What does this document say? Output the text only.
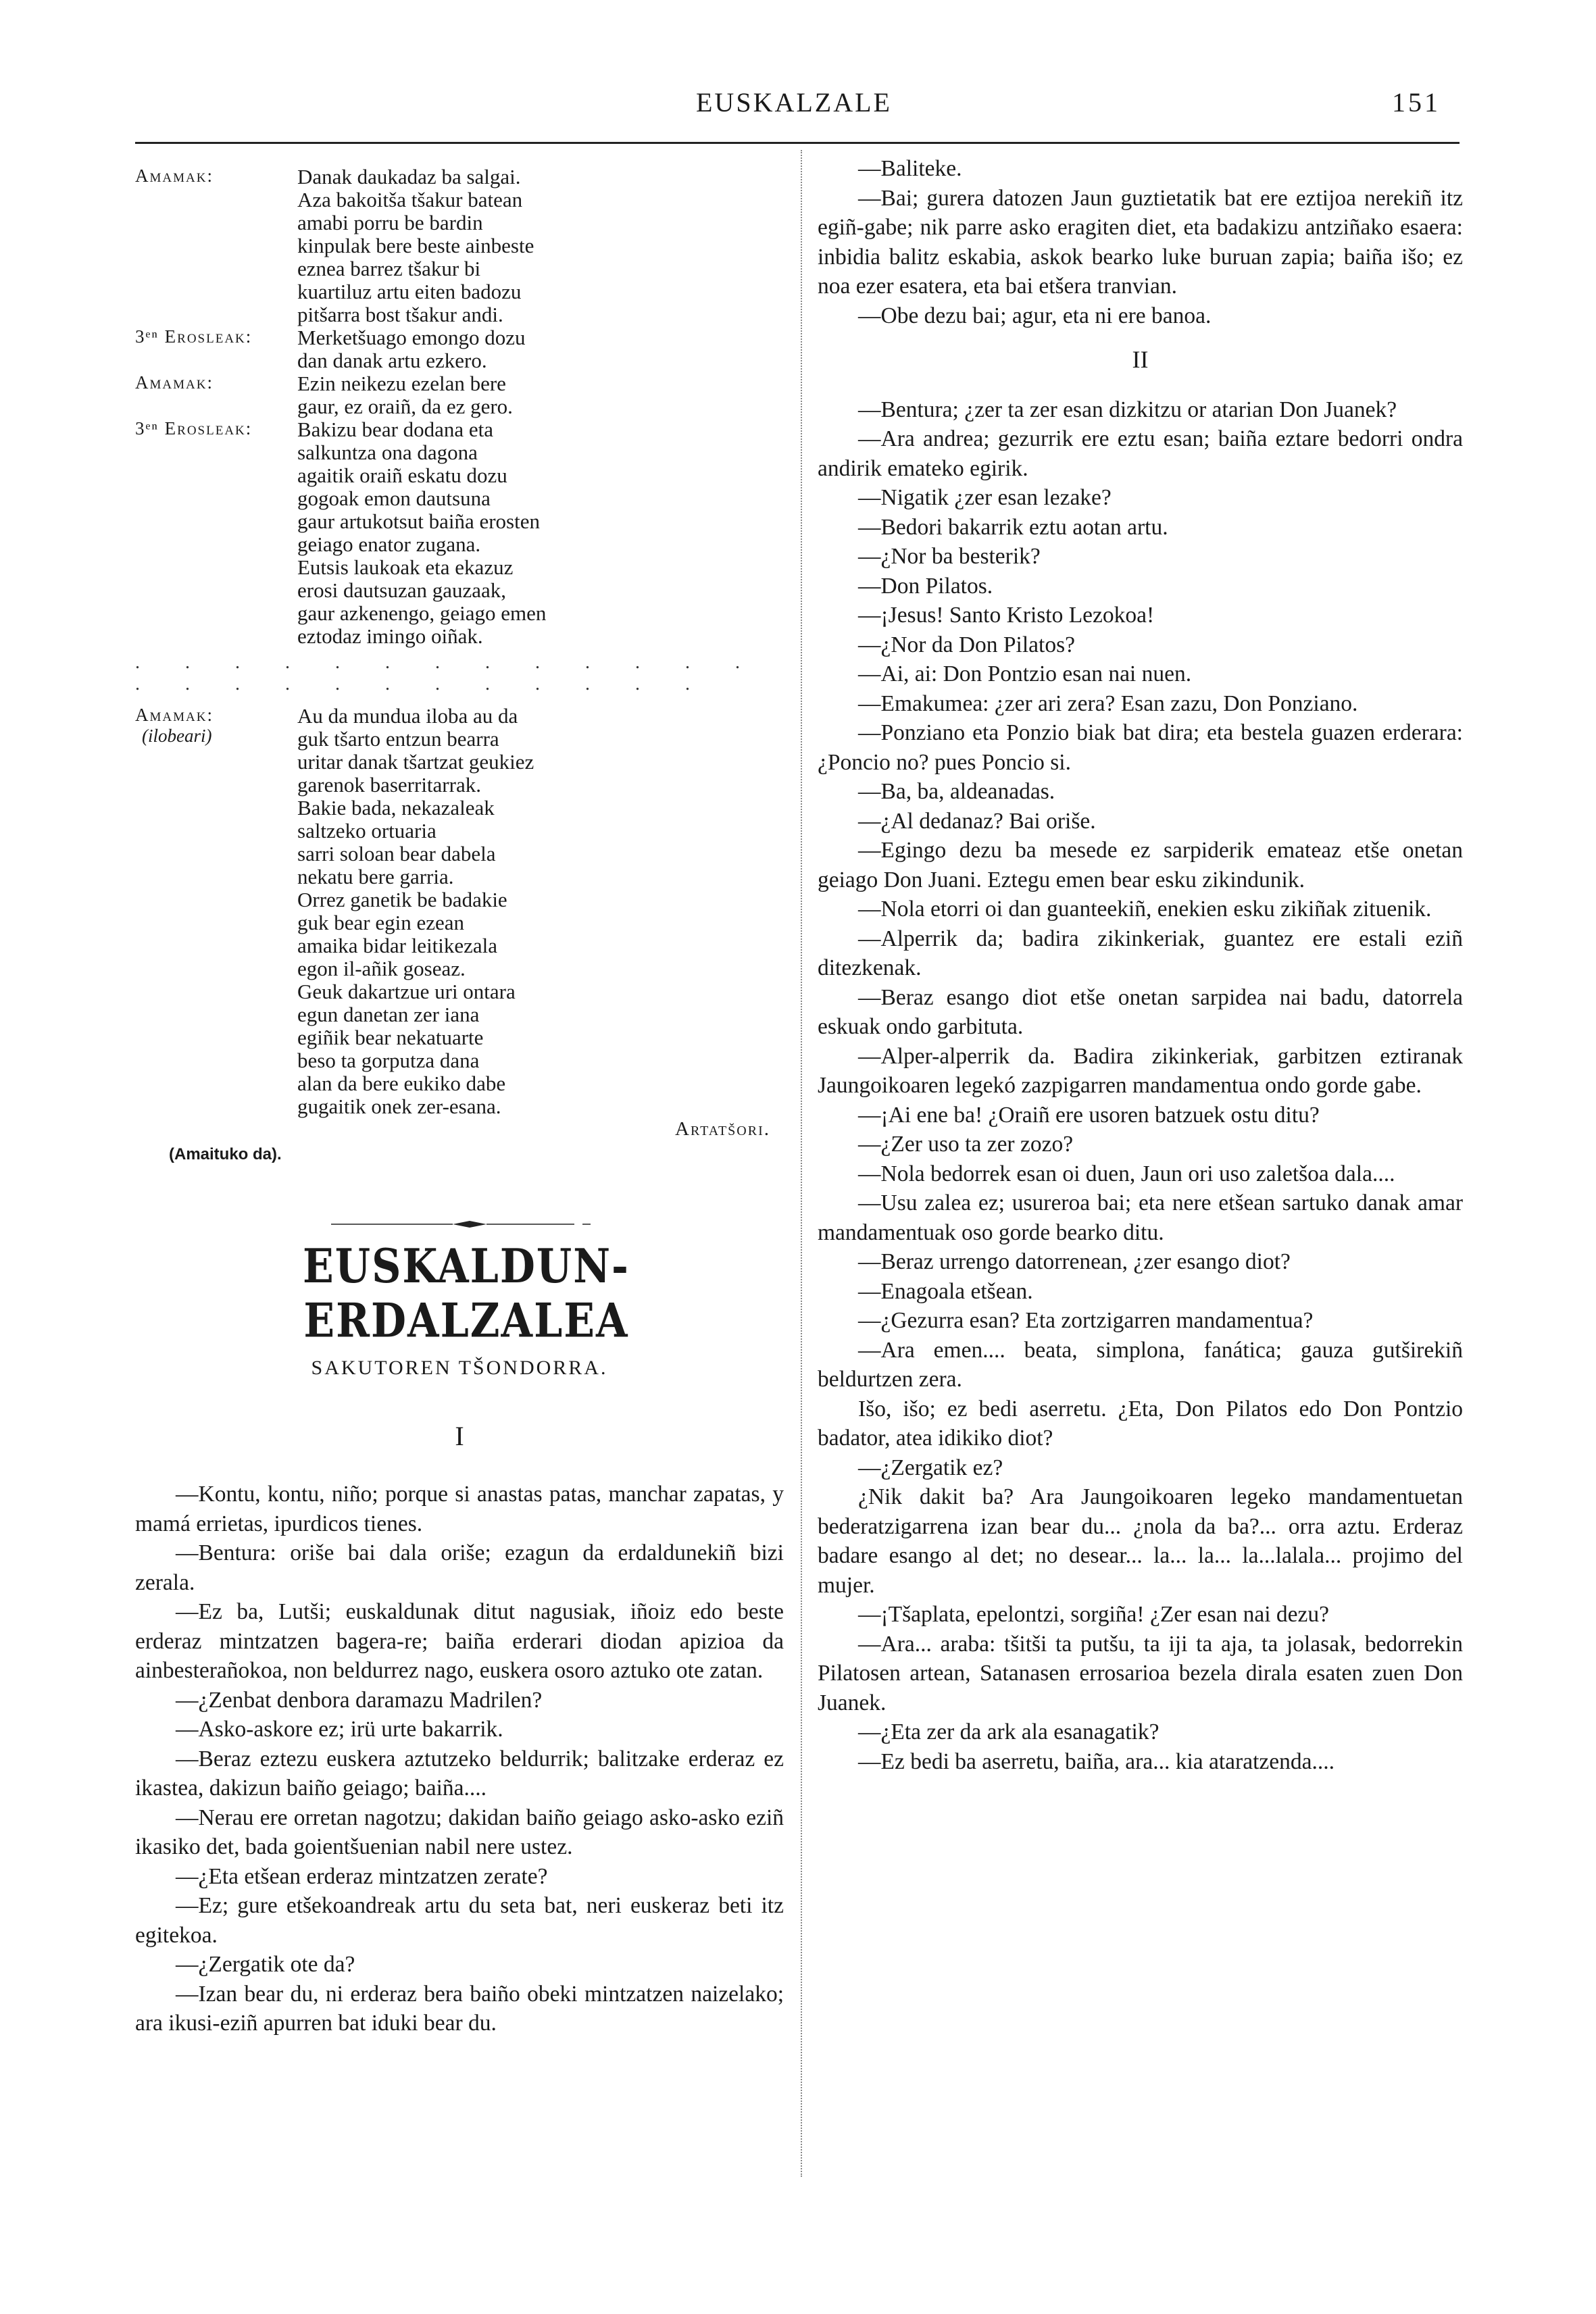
EUSKALZALE	151
Amamak:	Danak daukadaz ba salgai.
Aza bakoitša tšakur batean
amabi porru be bardin
kinpulak bere beste ainbeste
eznea barrez tšakur bi
kuartiluz artu eiten badozu
pitšarra bost tšakur andi.
3ᵉⁿ Erosleak:	Merketšuago emongo dozu
dan danak artu ezkero.
Amamak:	Ezin neikezu ezelan bere
gaur, ez oraiñ, da ez gero.
3ᵉⁿ Erosleak:	Bakizu bear dodana eta
salkuntza ona dagona
agaitik oraiñ eskatu dozu
gogoak emon dautsuna
gaur artukotsut baiña erosten
geiago enator zugana.
Eutsis laukoak eta ekazuz
erosi dautsuzan gauzaak,
gaur azkenengo, geiago emen
eztodaz imingo oiñak.
. . . . . . . . . . . . . . . . . . . . . . . . .
Amamak:
(ilobeari)
Au da mundua iloba au da
guk tšarto entzun bearra
uritar danak tšartzat geukiez
garenok baserritarrak.
Bakie bada, nekazaleak
saltzeko ortuaria
sarri soloan bear dabela
nekatu bere garria.
Orrez ganetik be badakie
guk bear egin ezean
amaika bidar leitikezala
egon il-añik goseaz.
Geuk dakartzue uri ontara
egun danetan zer iana
egiñik bear nekatuarte
beso ta gorputza dana
alan da bere eukiko dabe
gugaitik onek zer-esana.
Artatšori.
(Amaituko da).
EUSKALDUN-ERDALZALEA
SAKUTOREN TŠONDORRA.
I

—Kontu, kontu, niño; porque si anastas patas, manchar zapatas, y mamá errietas, ipurdicos tienes.

—Bentura: oriše bai dala oriše; ezagun da erdaldunekiñ bizi zerala.

—Ez ba, Lutši; euskaldunak ditut nagusiak, iñoiz edo beste erderaz mintzatzen bagera-re; baiña erderari diodan apizioa da ainbesterañokoa, non beldurrez nago, euskera osoro aztuko ote zatan.

—¿Zenbat denbora daramazu Madrilen?

—Asko-askore ez; irü urte bakarrik.

—Beraz eztezu euskera aztutzeko beldurrik; balitzake erderaz ez ikastea, dakizun baiño geiago; baiña....

—Nerau ere orretan nagotzu; dakidan baiño geiago asko-asko eziñ ikasiko det, bada goientšuenian nabil nere ustez.

—¿Eta etšean erderaz mintzatzen zerate?

—Ez; gure etšekoandreak artu du seta bat, neri euskeraz beti itz egitekoa.

—¿Zergatik ote da?

—Izan bear du, ni erderaz bera baiño obeki mintzatzen naizelako; ara ikusi-eziñ apurren bat iduki bear du.

—Baliteke.

—Bai; gurera datozen Jaun guztietatik bat ere eztijoa nerekiñ itz egiñ-gabe; nik parre asko eragiten diet, eta badakizu antziñako esaera: inbidia balitz eskabia, askok bearko luke buruan zapia; baiña išo; ez noa ezer esatera, eta bai etšera tranvian.

—Obe dezu bai; agur, eta ni ere banoa.

II

—Bentura; ¿zer ta zer esan dizkitzu or atarian Don Juanek?

—Ara andrea; gezurrik ere eztu esan; baiña eztare bedorri ondra andirik emateko egirik.

—Nigatik ¿zer esan lezake?

—Bedori bakarrik eztu aotan artu.

—¿Nor ba besterik?

—Don Pilatos.

—¡Jesus! Santo Kristo Lezokoa!

—¿Nor da Don Pilatos?

—Ai, ai: Don Pontzio esan nai nuen.

—Emakumea: ¿zer ari zera? Esan zazu, Don Ponziano.

—Ponziano eta Ponzio biak bat dira; eta bestela guazen erderara: ¿Poncio no? pues Poncio si.

—Ba, ba, aldeanadas.

—¿Al dedanaz? Bai oriše.

—Egingo dezu ba mesede ez sarpiderik emateaz etše onetan geiago Don Juani. Eztegu emen bear esku zikindunik.

—Nola etorri oi dan guanteekiñ, enekien esku zikiñak zituenik.

—Alperrik da; badira zikinkeriak, guantez ere estali eziñ ditezkenak.

—Beraz esango diot etše onetan sarpidea nai badu, datorrela eskuak ondo garbituta.

—Alper-alperrik da. Badira zikinkeriak, garbitzen eztiranak Jaungoikoaren legekó zazpigarren mandamentua ondo gorde gabe.

—¡Ai ene ba! ¿Oraiñ ere usoren batzuek ostu ditu?

—¿Zer uso ta zer zozo?

—Nola bedorrek esan oi duen, Jaun ori uso zaletšoa dala....

—Usu zalea ez; usureroa bai; eta nere etšean sartuko danak amar mandamentuak oso gorde bearko ditu.

—Beraz urrengo datorrenean, ¿zer esango diot?

—Enagoala etšean.

—¿Gezurra esan? Eta zortzigarren mandamentua?

—Ara emen.... beata, simplona, fanática; gauza gutširekiñ beldurtzen zera.

Išo, išo; ez bedi aserretu. ¿Eta, Don Pilatos edo Don Pontzio badator, atea idikiko diot?

—¿Zergatik ez?

¿Nik dakit ba? Ara Jaungoikoaren legeko mandamentuetan bederatzigarrena izan bear du... ¿nola da ba?... orra aztu. Erderaz badare esango al det; no desear... la... la... la...lalala... projimo del mujer.

—¡Tšaplata, epelontzi, sorgiña! ¿Zer esan nai dezu?

—Ara... araba: tšitši ta putšu, ta iji ta aja, ta jolasak, bedorrekin Pilatosen artean, Satanasen errosarioa bezela dirala esaten zuen Don Juanek.

—¿Eta zer da ark ala esanagatik?

—Ez bedi ba aserretu, baiña, ara... kia ataratzenda....
